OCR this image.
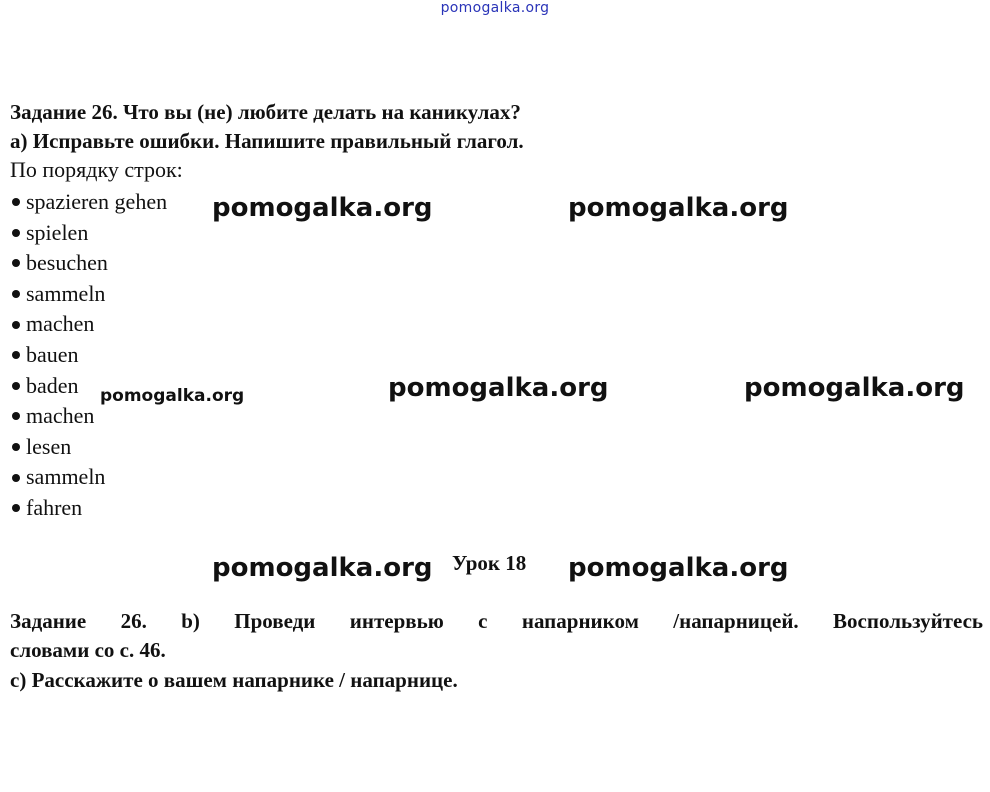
pomogalka.org
Задание 26. Что вы (не) любите делать на каникулах?
а) Исправьте ошибки. Напишите правильный глагол.
По порядку строк:
spazieren gehen
spielen
besuchen
sammeln
machen
bauen
baden
machen
lesen
sammeln
fahren
pomogalka.org	pomogalka.org
pomogalka.org	pomogalka.org	pomogalka.org
pomogalka.org	pomogalka.org
Урок 18
Задание 26. b) Проведи интервью с напарником /напарницей. Воспользуйтесь
словами со с. 46.
c) Расскажите о вашем напарнике / напарнице.
